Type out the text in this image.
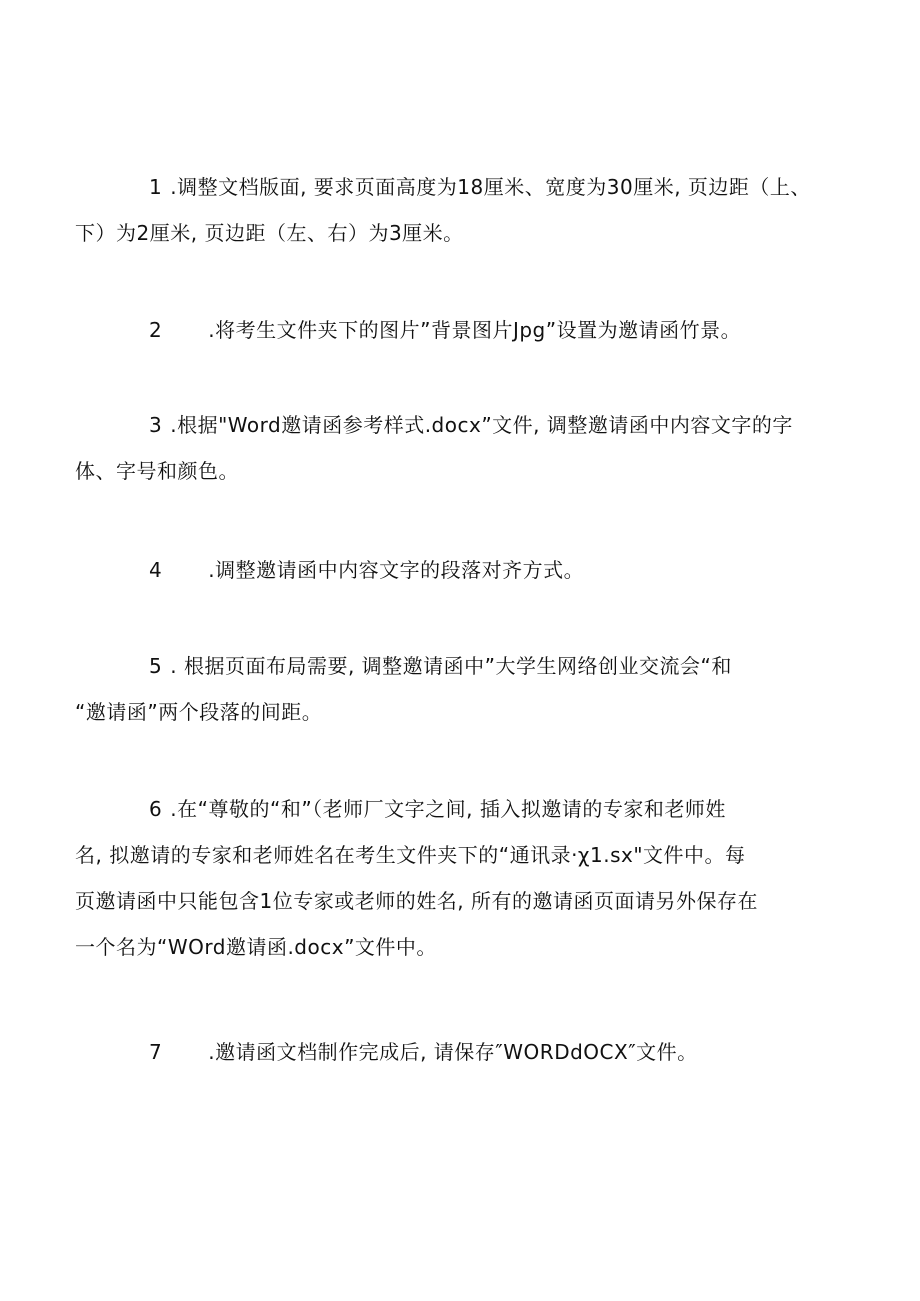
1 .调整文档版面, 要求页面高度为18厘米、宽度为30厘米, 页边距（上、
下）为2厘米, 页边距（左、右）为3厘米。
2 .将考生文件夹下的图片”背景图片Jpg”设置为邀请函竹景。
3 .根据"Word邀请函参考样式.docx”文件, 调整邀请函中内容文字的字
体、字号和颜色。
4 .调整邀请函中内容文字的段落对齐方式。
5 . 根据页面布局需要, 调整邀请函中”大学生网络创业交流会“和
“邀请函”两个段落的间距。
6 .在“尊敬的“和”（老师厂文字之间, 插入拟邀请的专家和老师姓
名, 拟邀请的专家和老师姓名在考生文件夹下的“通讯录·χ1.sx"文件中。每
页邀请函中只能包含1位专家或老师的姓名, 所有的邀请函页面请另外保存在
一个名为“WOrd邀请函.docx”文件中。
7 .邀请函文档制作完成后, 请保存″WORDdOCX″文件。
